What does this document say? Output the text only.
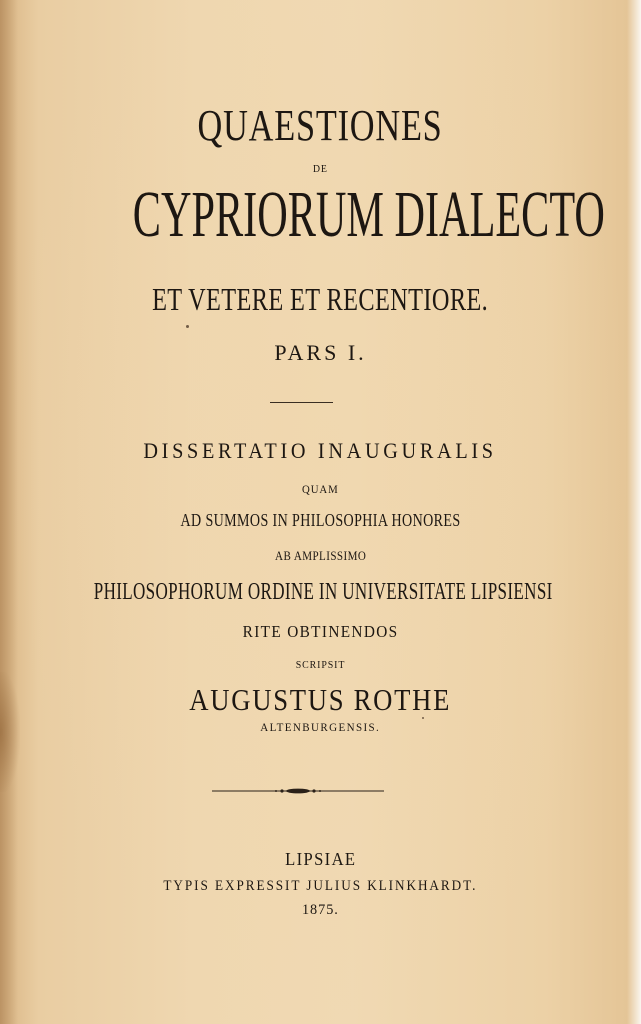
QUAESTIONES
DE
CYPRIORUM DIALECTO
ET VETERE ET RECENTIORE.
PARS I.
DISSERTATIO INAUGURALIS
QUAM
AD SUMMOS IN PHILOSOPHIA HONORES
AB AMPLISSIMO
PHILOSOPHORUM ORDINE IN UNIVERSITATE LIPSIENSI
RITE OBTINENDOS
SCRIPSIT
AUGUSTUS ROTHE
ALTENBURGENSIS.
LIPSIAE
TYPIS EXPRESSIT JULIUS KLINKHARDT.
1875.
